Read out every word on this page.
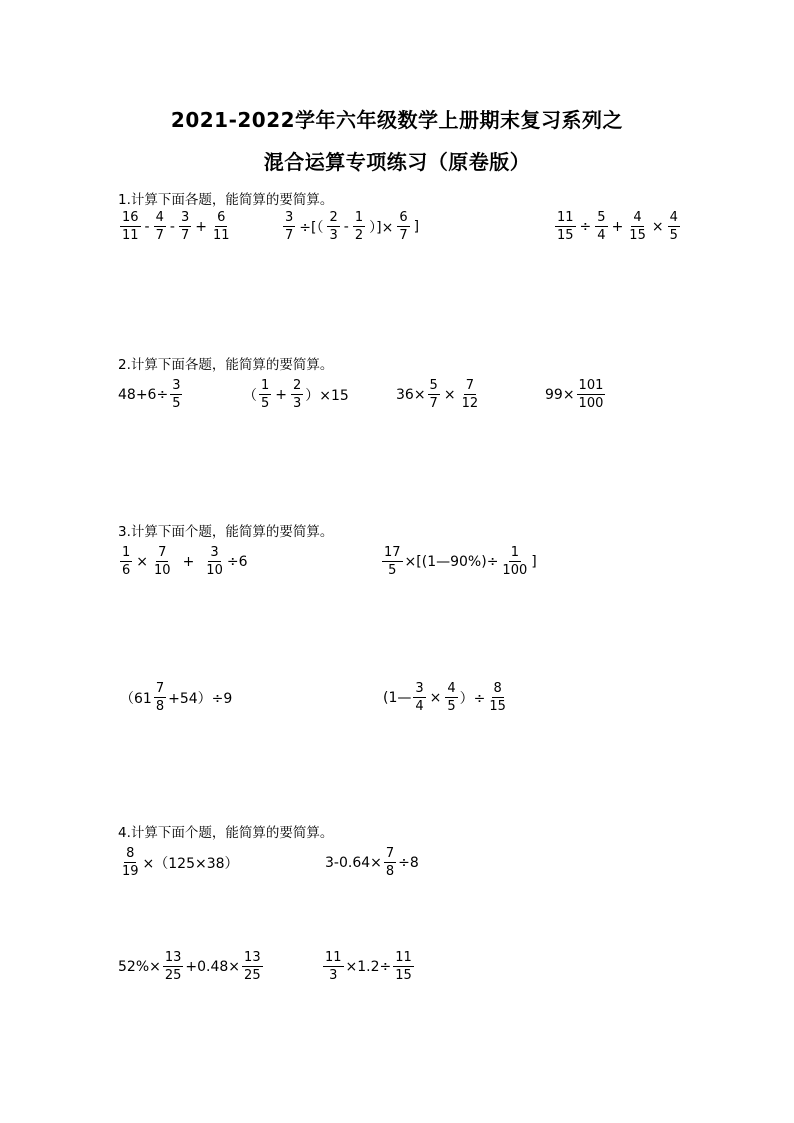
2021-2022学年六年级数学上册期末复习系列之
混合运算专项练习（原卷版）
1.计算下面各题，能简算的要简算。
$\frac{16}{11} - \frac{4}{7} - \frac{3}{7} + \frac{6}{11}$	$\frac{3}{7}$ ÷[（ $\frac{2}{3} - \frac{1}{2}$ ）]× $\frac{6}{7}$ ]	$\frac{11}{15} \div \frac{5}{4} + \frac{4}{15} \times \frac{4}{5}$
2.计算下面各题，能简算的要简算。
$48+6\div \frac{3}{5}$	（ $\frac{1}{5} + \frac{2}{3} )\times 15$	$36\times \frac{5}{7} \times \frac{7}{12}$	$99\times \frac{101}{100}$
3.计算下面个题，能简算的要简算。
$\frac{1}{6} \times \frac{7}{10} + \frac{3}{10} \div 6$	$\frac{17}{5}$ ×[(1—90%)÷ $\frac{1}{100}$ ]
$(61 \frac{7}{8} +54)\div 9$	(1— $\frac{3}{4} \times \frac{4}{5}$ ）÷ $\frac{8}{15}$
4.计算下面个题，能简算的要简算。
$\frac{8}{19} \times(125\times 38)$	$3-0.64\times \frac{7}{8} \div 8$
$52\%\times \frac{13}{25} +0.48\times \frac{13}{25}$	$\frac{11}{3} \times 1.2\div \frac{11}{15}$
